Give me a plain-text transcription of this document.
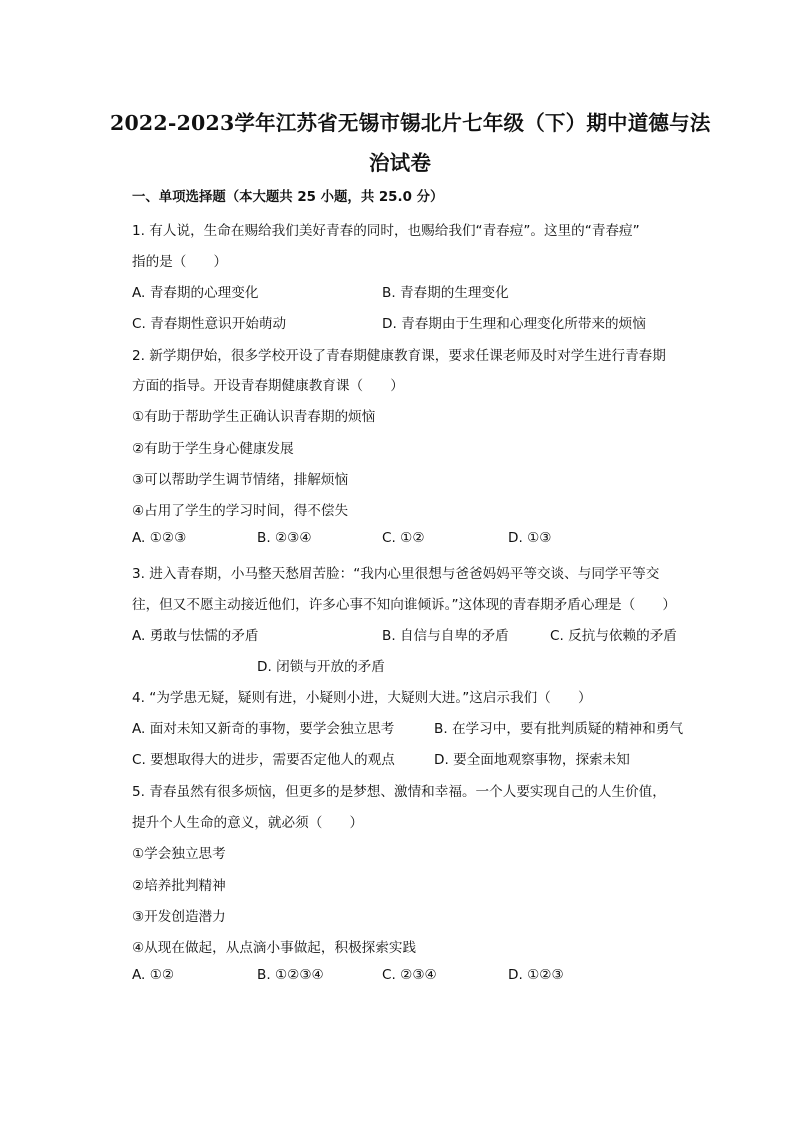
2022-2023学年江苏省无锡市锡北片七年级（下）期中道德与法
治试卷
一、单项选择题（本大题共 25 小题，共 25.0 分）
1. 有人说，生命在赐给我们美好青春的同时，也赐给我们“青春痘”。这里的“青春痘”
指的是（　　）
A. 青春期的心理变化	B. 青春期的生理变化
C. 青春期性意识开始萌动	D. 青春期由于生理和心理变化所带来的烦恼
2. 新学期伊始，很多学校开设了青春期健康教育课，要求任课老师及时对学生进行青春期
方面的指导。开设青春期健康教育课（　　）
①有助于帮助学生正确认识青春期的烦恼
②有助于学生身心健康发展
③可以帮助学生调节情绪，排解烦恼
④占用了学生的学习时间，得不偿失
A. ①②③	B. ②③④	C. ①②	D. ①③
3. 进入青春期，小马整天愁眉苦脸：“我内心里很想与爸爸妈妈平等交谈、与同学平等交
往，但又不愿主动接近他们，许多心事不知向谁倾诉。”这体现的青春期矛盾心理是（　　）
A. 勇敢与怯懦的矛盾	B. 自信与自卑的矛盾	C. 反抗与依赖的矛盾
D. 闭锁与开放的矛盾
4. “为学患无疑，疑则有进，小疑则小进，大疑则大进。”这启示我们（　　）
A. 面对未知又新奇的事物，要学会独立思考	B. 在学习中，要有批判质疑的精神和勇气
C. 要想取得大的进步，需要否定他人的观点	D. 要全面地观察事物，探索未知
5. 青春虽然有很多烦恼，但更多的是梦想、激情和幸福。一个人要实现自己的人生价值，
提升个人生命的意义，就必须（　　）
①学会独立思考
②培养批判精神
③开发创造潜力
④从现在做起，从点滴小事做起，积极探索实践
A. ①②	B. ①②③④	C. ②③④	D. ①②③
